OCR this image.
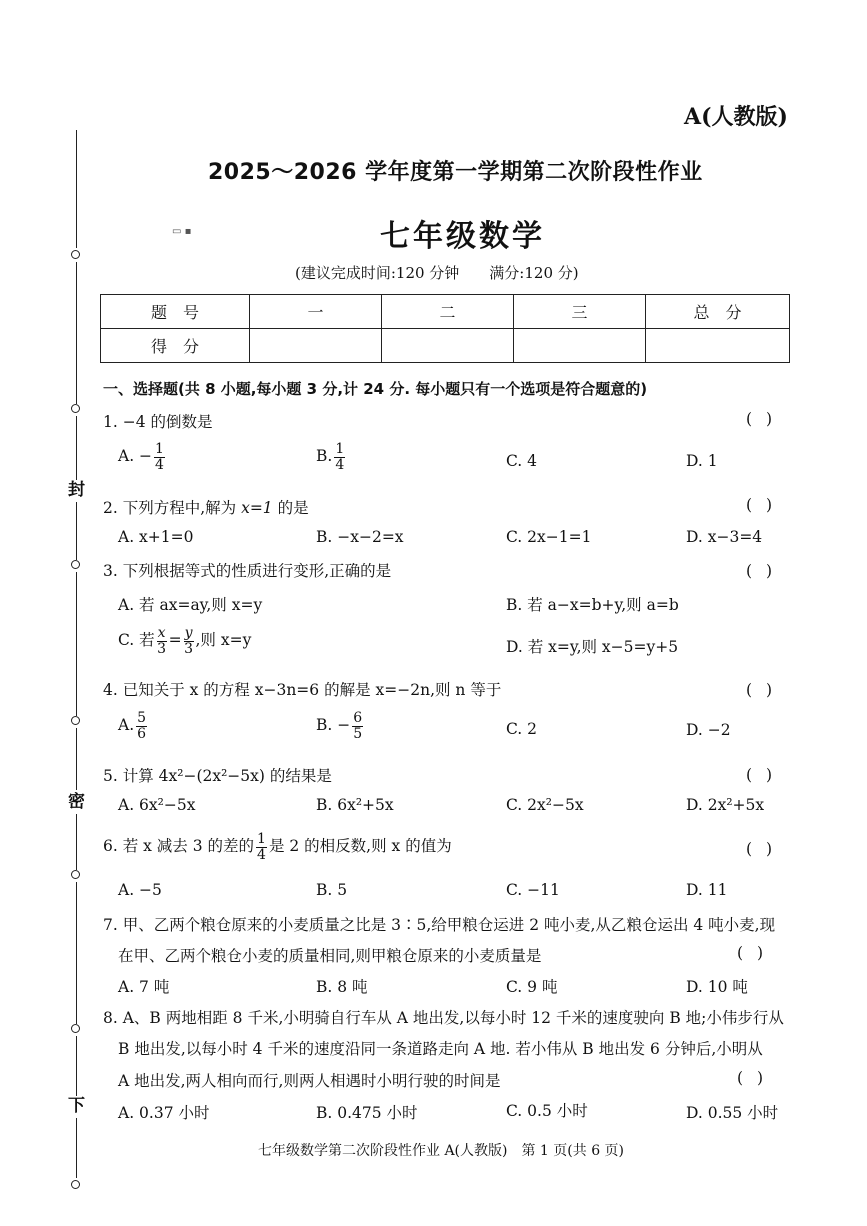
封
密
下
A(人教版)
2025～2026 学年度第一学期第二次阶段性作业
▭ ▪	七年级数学
(建议完成时间:120 分钟　　满分:120 分)
题　号	一	二	三	总　分
得　分				
一、选择题(共 8 小题,每小题 3 分,计 24 分. 每小题只有一个选项是符合题意的)
1. −4 的倒数是	()
A. − $\frac{1}{4}$	B. $\frac{1}{4}$	C. 4	D. 1
2. 下列方程中,解为 x=1 的是	()
A. x+1=0	B. −x−2=x	C. 2x−1=1	D. x−3=4
3. 下列根据等式的性质进行变形,正确的是	()
A. 若 ax=ay,则 x=y	B. 若 a−x=b+y,则 a=b
C. 若 $\frac{x}{3} = \frac{y}{3}$ ,则 x=y	D. 若 x=y,则 x−5=y+5
4. 已知关于 x 的方程 x−3n=6 的解是 x=−2n,则 n 等于	()
A. $\frac{5}{6}$	B. − $\frac{6}{5}$	C. 2	D. −2
5. 计算 4x²−(2x²−5x) 的结果是	()
A. 6x²−5x	B. 6x²+5x	C. 2x²−5x	D. 2x²+5x
6. 若 x 减去 3 的差的 $\frac{1}{4}$ 是 2 的相反数,则 x 的值为	()
A. −5	B. 5	C. −11	D. 11
7. 甲、乙两个粮仓原来的小麦质量之比是 3∶5,给甲粮仓运进 2 吨小麦,从乙粮仓运出 4 吨小麦,现
在甲、乙两个粮仓小麦的质量相同,则甲粮仓原来的小麦质量是	()
A. 7 吨	B. 8 吨	C. 9 吨	D. 10 吨
8. A、B 两地相距 8 千米,小明骑自行车从 A 地出发,以每小时 12 千米的速度驶向 B 地;小伟步行从
B 地出发,以每小时 4 千米的速度沿同一条道路走向 A 地. 若小伟从 B 地出发 6 分钟后,小明从
A 地出发,两人相向而行,则两人相遇时小明行驶的时间是	()
A. 0.37 小时	B. 0.475 小时	C. 0.5 小时	D. 0.55 小时
七年级数学第二次阶段性作业 A(人教版)　第 1 页(共 6 页)
